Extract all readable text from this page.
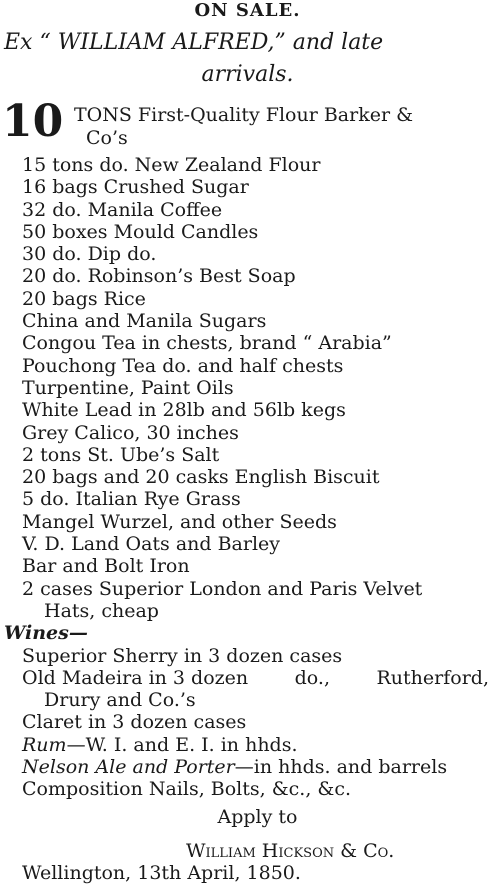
ON SALE.
Ex “ WILLIAM ALFRED,” and late
arrivals.
10 TONS First-Quality Flour Barker &
Co’s
15 tons do. New Zealand Flour
16 bags Crushed Sugar
32 do. Manila Coffee
50 boxes Mould Candles
30 do. Dip do.
20 do. Robinson’s Best Soap
20 bags Rice
China and Manila Sugars
Congou Tea in chests, brand “ Arabia”
Pouchong Tea do. and half chests
Turpentine, Paint Oils
White Lead in 28lb and 56lb kegs
Grey Calico, 30 inches
2 tons St. Ube’s Salt
20 bags and 20 casks English Biscuit
5 do. Italian Rye Grass
Mangel Wurzel, and other Seeds
V. D. Land Oats and Barley
Bar and Bolt Iron
2 cases Superior London and Paris Velvet
Hats, cheap
Wines—
Superior Sherry in 3 dozen cases
Old Madeira in 3 dozen do., Rutherford,
Drury and Co.’s
Claret in 3 dozen cases
Rum—W. I. and E. I. in hhds.
Nelson Ale and Porter—in hhds. and barrels
Composition Nails, Bolts, &c., &c.
Apply to
William Hickson & Co.
Wellington, 13th April, 1850.
